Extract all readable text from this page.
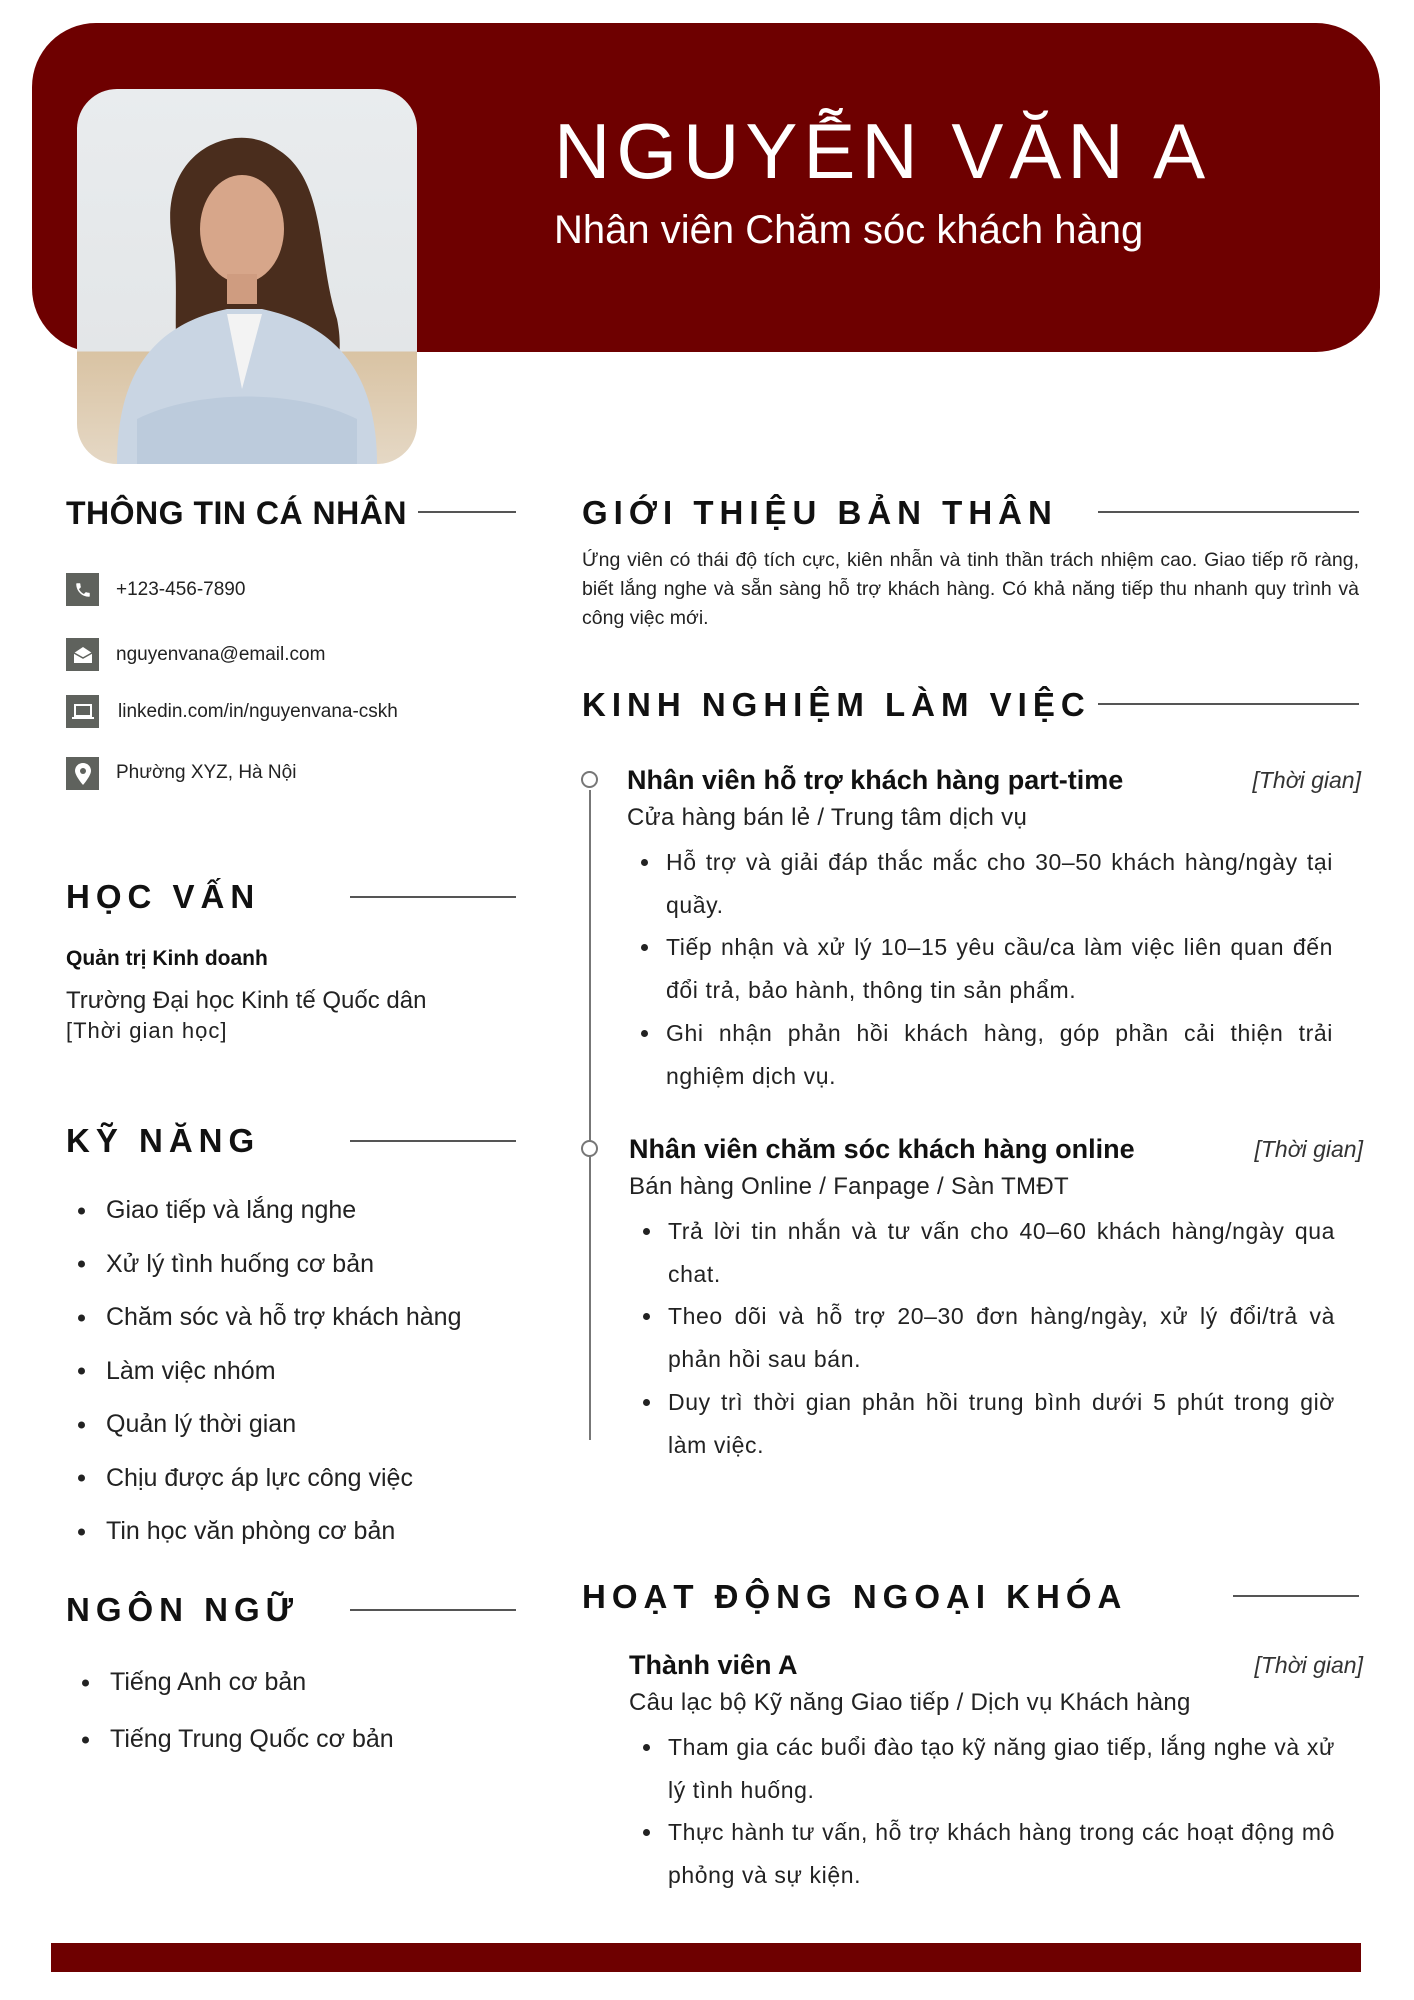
NGUYỄN VĂN A
Nhân viên Chăm sóc khách hàng
THÔNG TIN CÁ NHÂN
+123-456-7890
nguyenvana@email.com
linkedin.com/in/nguyenvana-cskh
Phường XYZ, Hà Nội
HỌC VẤN
Quản trị Kinh doanh
Trường Đại học Kinh tế Quốc dân
[Thời gian học]
KỸ NĂNG
Giao tiếp và lắng nghe
Xử lý tình huống cơ bản
Chăm sóc và hỗ trợ khách hàng
Làm việc nhóm
Quản lý thời gian
Chịu được áp lực công việc
Tin học văn phòng cơ bản
NGÔN NGỮ
Tiếng Anh cơ bản
Tiếng Trung Quốc cơ bản
GIỚI THIỆU BẢN THÂN
Ứng viên có thái độ tích cực, kiên nhẫn và tinh thần trách nhiệm cao. Giao tiếp rõ ràng, biết lắng nghe và sẵn sàng hỗ trợ khách hàng. Có khả năng tiếp thu nhanh quy trình và công việc mới.
KINH NGHIỆM LÀM VIỆC
Nhân viên hỗ trợ khách hàng part-time	[Thời gian]
Cửa hàng bán lẻ / Trung tâm dịch vụ
Hỗ trợ và giải đáp thắc mắc cho 30–50 khách hàng/ngày tại quầy.
Tiếp nhận và xử lý 10–15 yêu cầu/ca làm việc liên quan đến đổi trả, bảo hành, thông tin sản phẩm.
Ghi nhận phản hồi khách hàng, góp phần cải thiện trải nghiệm dịch vụ.
Nhân viên chăm sóc khách hàng online	[Thời gian]
Bán hàng Online / Fanpage / Sàn TMĐT
Trả lời tin nhắn và tư vấn cho 40–60 khách hàng/ngày qua chat.
Theo dõi và hỗ trợ 20–30 đơn hàng/ngày, xử lý đổi/trả và phản hồi sau bán.
Duy trì thời gian phản hồi trung bình dưới 5 phút trong giờ làm việc.
HOẠT ĐỘNG NGOẠI KHÓA
Thành viên A	[Thời gian]
Câu lạc bộ Kỹ năng Giao tiếp / Dịch vụ Khách hàng
Tham gia các buổi đào tạo kỹ năng giao tiếp, lắng nghe và xử lý tình huống.
Thực hành tư vấn, hỗ trợ khách hàng trong các hoạt động mô phỏng và sự kiện.
